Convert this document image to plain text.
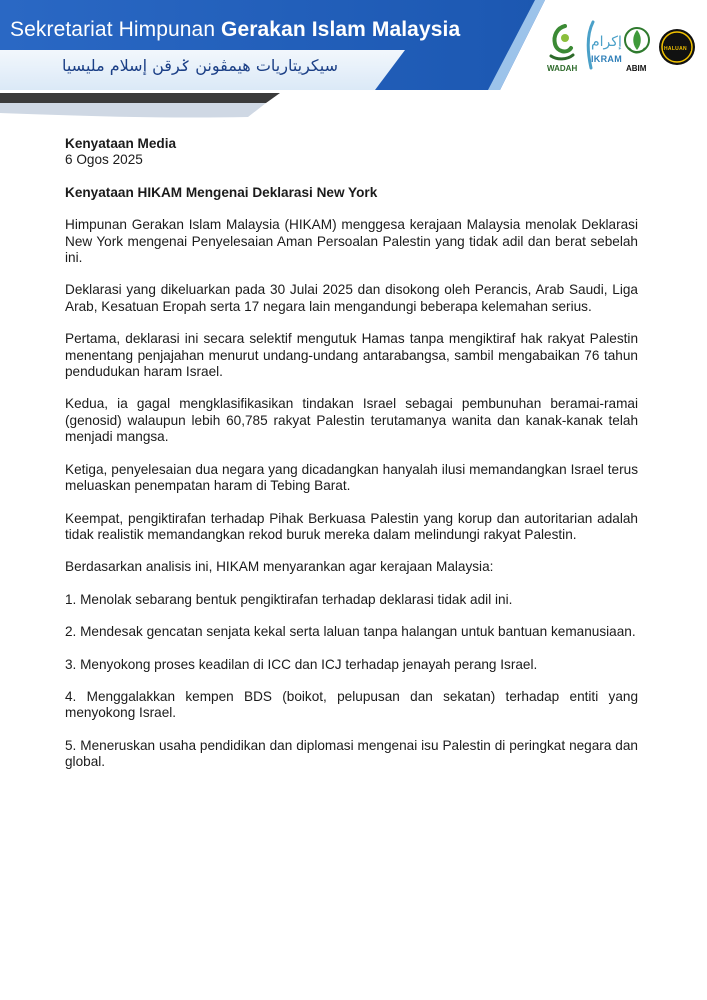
Sekretariat Himpunan Gerakan Islam Malaysia
سيکريتاريات هيمڤونن ݢرقن إسلام مليسيا	WADAH
إكرام
IKRAM
ABIM
HALUAN

Kenyataan Media

6 Ogos 2025

Kenyataan HIKAM Mengenai Deklarasi New York

Himpunan Gerakan Islam Malaysia (HIKAM) menggesa kerajaan Malaysia menolak Deklarasi New York mengenai Penyelesaian Aman Persoalan Palestin yang tidak adil dan berat sebelah ini.

Deklarasi yang dikeluarkan pada 30 Julai 2025 dan disokong oleh Perancis, Arab Saudi, Liga Arab, Kesatuan Eropah serta 17 negara lain mengandungi beberapa kelemahan serius.

Pertama, deklarasi ini secara selektif mengutuk Hamas tanpa mengiktiraf hak rakyat Palestin menentang penjajahan menurut undang-undang antarabangsa, sambil mengabaikan 76 tahun pendudukan haram Israel.

Kedua, ia gagal mengklasifikasikan tindakan Israel sebagai pembunuhan beramai-ramai (genosid) walaupun lebih 60,785 rakyat Palestin terutamanya wanita dan kanak-kanak telah menjadi mangsa.

Ketiga, penyelesaian dua negara yang dicadangkan hanyalah ilusi memandangkan Israel terus meluaskan penempatan haram di Tebing Barat.

Keempat, pengiktirafan terhadap Pihak Berkuasa Palestin yang korup dan autoritarian adalah tidak realistik memandangkan rekod buruk mereka dalam melindungi rakyat Palestin.

Berdasarkan analisis ini, HIKAM menyarankan agar kerajaan Malaysia:

1. Menolak sebarang bentuk pengiktirafan terhadap deklarasi tidak adil ini.

2. Mendesak gencatan senjata kekal serta laluan tanpa halangan untuk bantuan kemanusiaan.

3. Menyokong proses keadilan di ICC dan ICJ terhadap jenayah perang Israel.

4. Menggalakkan kempen BDS (boikot, pelupusan dan sekatan) terhadap entiti yang menyokong Israel.

5. Meneruskan usaha pendidikan dan diplomasi mengenai isu Palestin di peringkat negara dan global.
